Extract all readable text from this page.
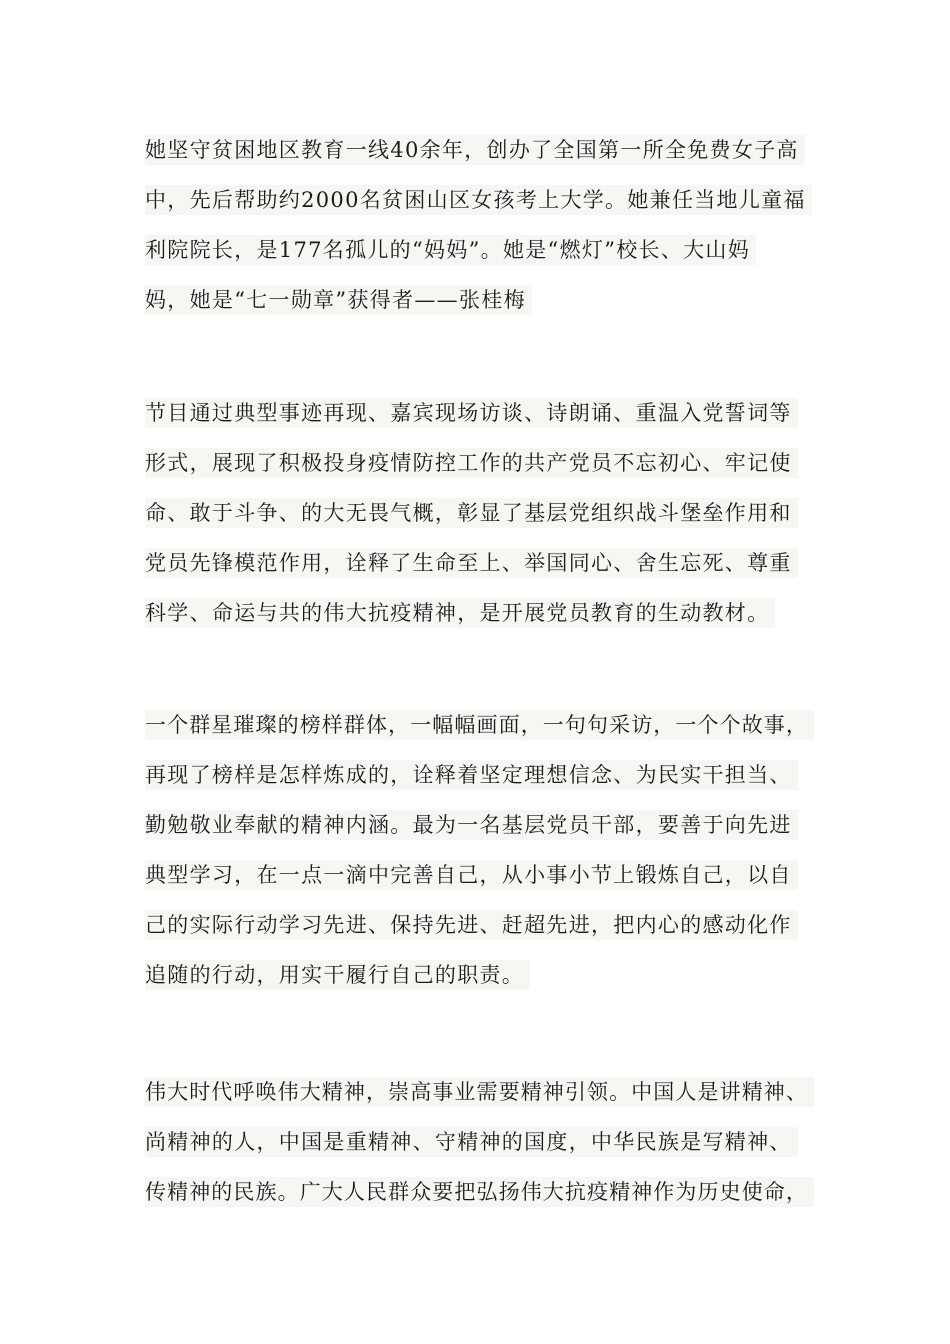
她坚守贫困地区教育一线40余年，创办了全国第一所全免费女子高
中，先后帮助约2000名贫困山区女孩考上大学。她兼任当地儿童福
利院院长，是177名孤儿的“妈妈”。她是“燃灯”校长、大山妈
妈，她是“七一勋章”获得者——张桂梅
节目通过典型事迹再现、嘉宾现场访谈、诗朗诵、重温入党誓词等
形式，展现了积极投身疫情防控工作的共产党员不忘初心、牢记使
命、敢于斗争、的大无畏气概，彰显了基层党组织战斗堡垒作用和
党员先锋模范作用，诠释了生命至上、举国同心、舍生忘死、尊重
科学、命运与共的伟大抗疫精神，是开展党员教育的生动教材。
一个群星璀璨的榜样群体，一幅幅画面，一句句采访，一个个故事，
再现了榜样是怎样炼成的，诠释着坚定理想信念、为民实干担当、
勤勉敬业奉献的精神内涵。最为一名基层党员干部，要善于向先进
典型学习，在一点一滴中完善自己，从小事小节上锻炼自己，以自
己的实际行动学习先进、保持先进、赶超先进，把内心的感动化作
追随的行动，用实干履行自己的职责。
伟大时代呼唤伟大精神，崇高事业需要精神引领。中国人是讲精神、
尚精神的人，中国是重精神、守精神的国度，中华民族是写精神、
传精神的民族。广大人民群众要把弘扬伟大抗疫精神作为历史使命，
